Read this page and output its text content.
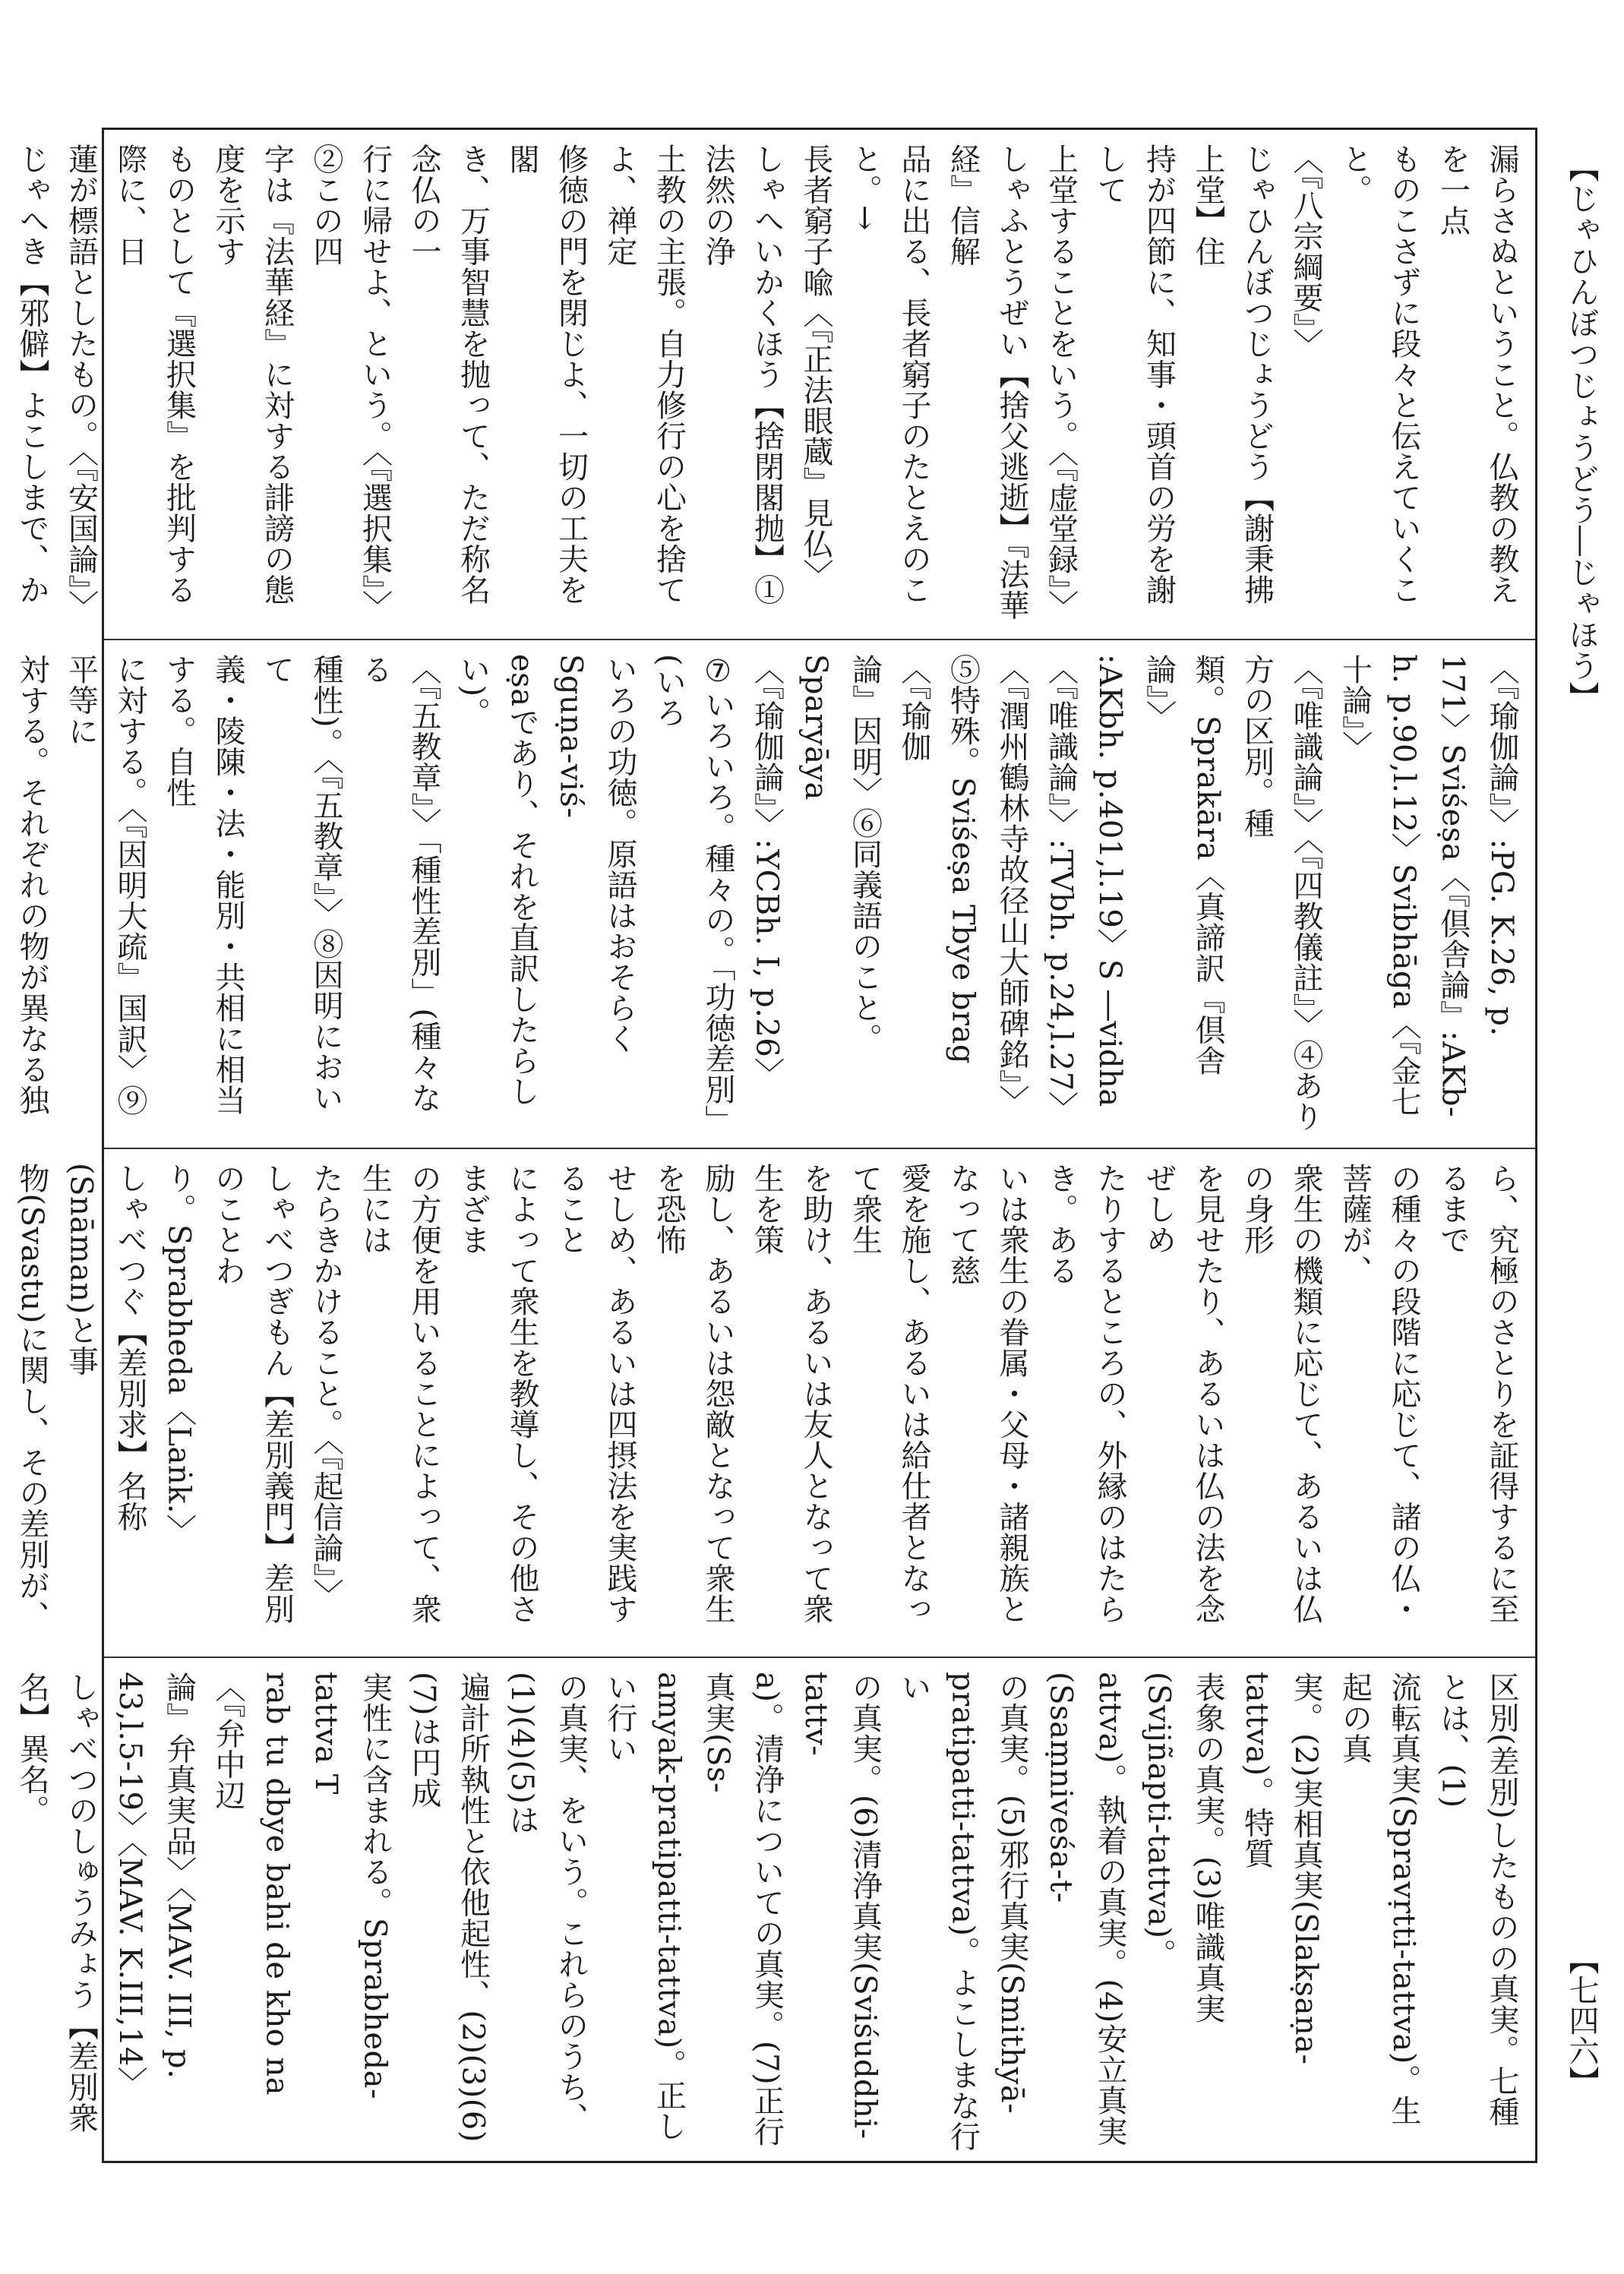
【じゃひんぼつじょうどう―じゃほう】
【七四六】
漏らさぬということ。仏教の教えを一点
ものこさずに段々と伝えていくこと。
〈『八宗綱要』〉
じゃひんぼつじょうどう【謝秉拂上堂】住
持が四節に、知事・頭首の労を謝して
上堂することをいう。〈『虚堂録』〉
しゃふとうぜい【捨父逃逝】『法華経』信解
品に出る、長者窮子のたとえのこと。→
長者窮子喩〈『正法眼蔵』見仏〉
しゃへいかくほう【捨閉閣抛】①法然の浄
土教の主張。自力修行の心を捨てよ、禅定
修徳の門を閉じよ、一切の工夫を閣
き、万事智慧を抛って、ただ称名念仏の一
行に帰せよ、という。〈『選択集』〉②この四
字は『法華経』に対する誹謗の態度を示す
ものとして『選択集』を批判する際に、日
蓮が標語としたもの。〈『安国論』〉
じゃへき【邪僻】よこしまで、か

〈『瑜伽論』〉:PG. K.26, p.
171〉Sviśeṣa〈『倶舎論』:AKb-
h. p.90,l.12〉Svibhāga〈『金七十論』〉
〈『唯識論』〉〈『四教儀註』〉④あり方の区別。種
類。Sprakāra〈真諦訳『倶舎論』〉
:AKbh. p.401,l.19〉S ―vidha
〈『唯識論』〉:TVbh. p.24,l.27〉
〈『潤州鶴林寺故径山大師碑銘』〉
⑤特殊。Sviśeṣa Tbye brag〈『瑜伽
論』因明〉⑥同義語のこと。Sparyāya
〈『瑜伽論』〉:YCBh. I, p.26〉
⑦いろいろ。種々の。「功徳差別」(いろ
いろの功徳。原語はおそらくSguṇa-viś-
eṣaであり、それを直訳したらしい)。
〈『五教章』〉「種性差別」(種々なる
種性)。〈『五教章』〉⑧因明において
義・陵陳・法・能別・共相に相当する。自性
に対する。〈『因明大疏』国訳〉⑨平等に
対する。それぞれの物が異なる独

ら、究極のさとりを証得するに至るまで
の種々の段階に応じて、諸の仏・菩薩が、
衆生の機類に応じて、あるいは仏の身形
を見せたり、あるいは仏の法を念ぜしめ
たりするところの、外縁のはたらき。ある
いは衆生の眷属・父母・諸親族となって慈
愛を施し、あるいは給仕者となって衆生
を助け、あるいは友人となって衆生を策
励し、あるいは怨敵となって衆生を恐怖
せしめ、あるいは四摂法を実践すること
によって衆生を教導し、その他さまざま
の方便を用いることによって、衆生には
たらきかけること。〈『起信論』〉
しゃべつぎもん【差別義門】差別のことわ
り。Sprabheda〈Laṅk.〉
しゃべつぐ【差別求】名称(Snāman)と事
物(Svastu)に関し、その差別が、

区別(差別)したものの真実。七種とは、(1)
流転真実(Spravṛtti-tattva)。生起の真
実。(2)実相真実(Slakṣaṇa-tattva)。特質
表象の真実。(3)唯識真実(Svijñapti-tattva)。
attva)。執着の真実。(4)安立真実(Ssaṃniveśa-t-
の真実。(5)邪行真実(Smithyā-pratipatti-tattva)。よこしまな行い
の真実。(6)清浄真実(Sviśuddhi-tattv-
a)。清浄についての真実。(7)正行真実(Ss-
amyak-pratipatti-tattva)。正しい行い
の真実、をいう。これらのうち、(1)(4)(5)は
遍計所執性と依他起性、(2)(3)(6)(7)は円成
実性に含まれる。Sprabheda-tattva T
rab tu dbye bahi de kho na〈『弁中辺
論』弁真実品〉〈MAV. III, p.
43,l.5-19〉〈MAV. K.III,14〉
しゃべつのしゅうみょう【差別衆名】異名。
